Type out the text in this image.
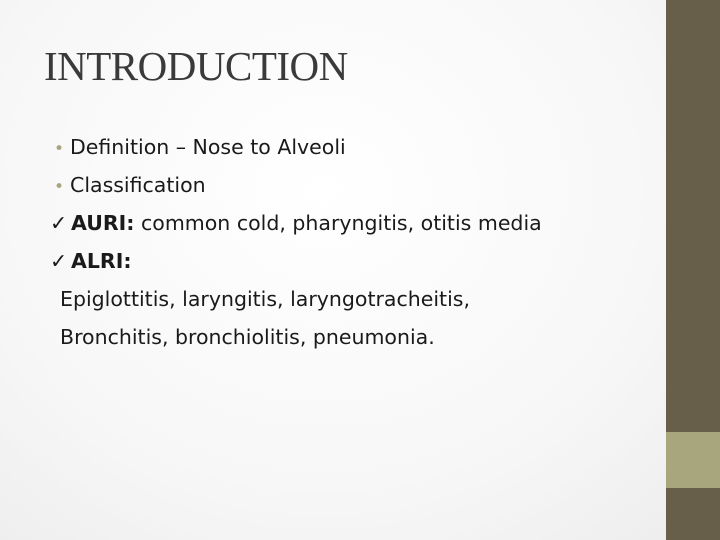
INTRODUCTION
• Definition – Nose to Alveoli
• Classification
✓ AURI: common cold, pharyngitis, otitis media
✓ ALRI:
Epiglottitis, laryngitis, laryngotracheitis,
Bronchitis, bronchiolitis, pneumonia.
